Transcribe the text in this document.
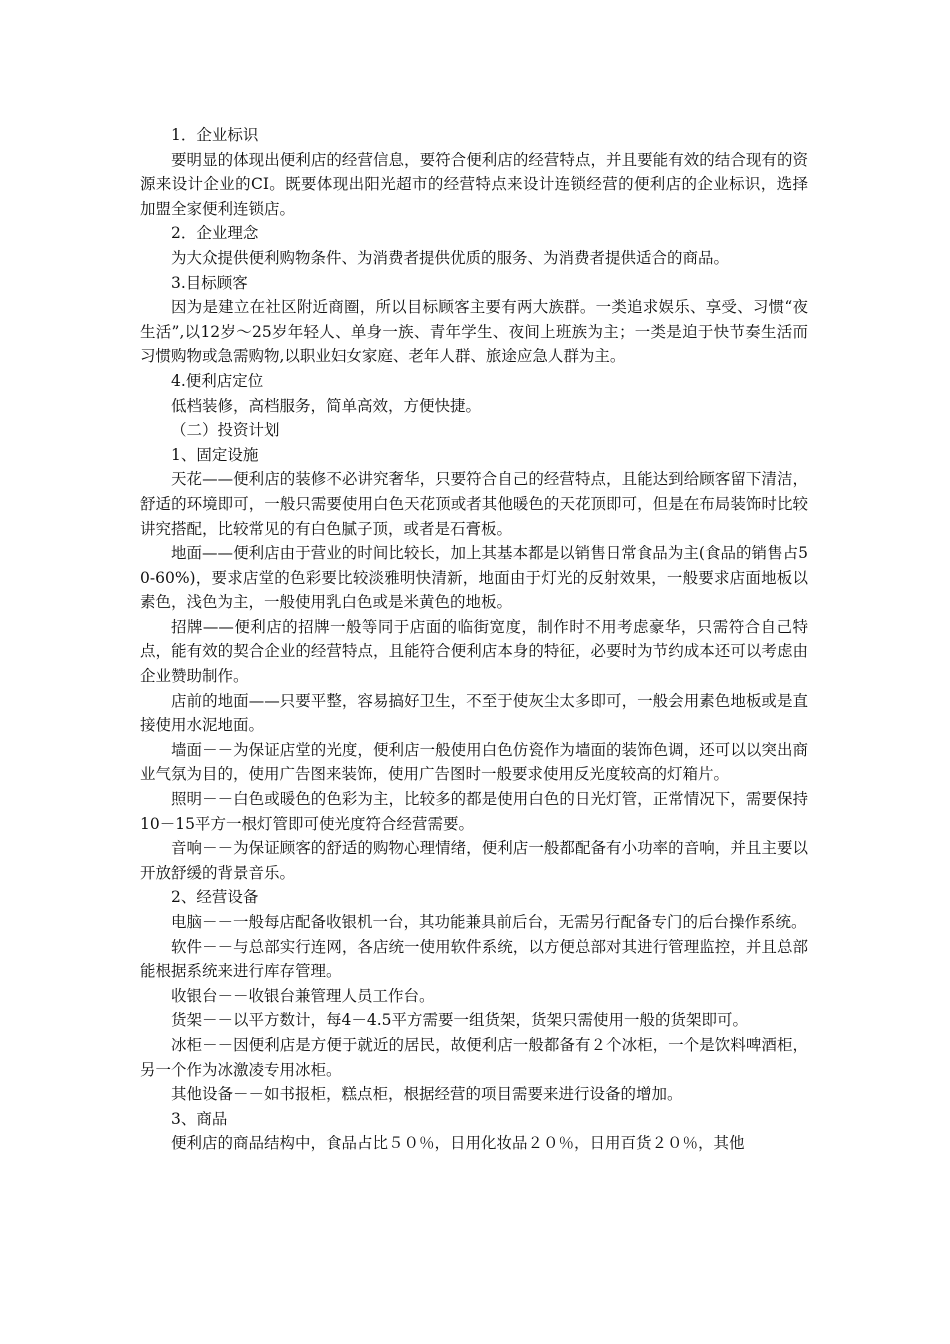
1．企业标识

要明显的体现出便利店的经营信息，要符合便利店的经营特点，并且要能有效的结合现有的资源来设计企业的CI。既要体现出阳光超市的经营特点来设计连锁经营的便利店的企业标识，选择加盟全家便利连锁店。

2．企业理念

为大众提供便利购物条件、为消费者提供优质的服务、为消费者提供适合的商品。

3.目标顾客

因为是建立在社区附近商圈，所以目标顾客主要有两大族群。一类追求娱乐、享受、习惯“夜生活”,以12岁～25岁年轻人、单身一族、青年学生、夜间上班族为主；一类是迫于快节奏生活而习惯购物或急需购物,以职业妇女家庭、老年人群、旅途应急人群为主。

4.便利店定位

低档装修，高档服务，简单高效，方便快捷。

（二）投资计划

1、固定设施

天花——便利店的装修不必讲究奢华，只要符合自己的经营特点，且能达到给顾客留下清洁，舒适的环境即可，一般只需要使用白色天花顶或者其他暖色的天花顶即可，但是在布局装饰时比较讲究搭配，比较常见的有白色腻子顶，或者是石膏板。

地面——便利店由于营业的时间比较长，加上其基本都是以销售日常食品为主(食品的销售占50-60%)，要求店堂的色彩要比较淡雅明快清新，地面由于灯光的反射效果，一般要求店面地板以素色，浅色为主，一般使用乳白色或是米黄色的地板。

招牌——便利店的招牌一般等同于店面的临街宽度，制作时不用考虑豪华，只需符合自己特点，能有效的契合企业的经营特点，且能符合便利店本身的特征，必要时为节约成本还可以考虑由企业赞助制作。

店前的地面——只要平整，容易搞好卫生，不至于使灰尘太多即可，一般会用素色地板或是直接使用水泥地面。

墙面－－为保证店堂的光度，便利店一般使用白色仿瓷作为墙面的装饰色调，还可以以突出商业气氛为目的，使用广告图来装饰，使用广告图时一般要求使用反光度较高的灯箱片。

照明－－白色或暖色的色彩为主，比较多的都是使用白色的日光灯管，正常情况下，需要保持10－15平方一根灯管即可使光度符合经营需要。

音响－－为保证顾客的舒适的购物心理情绪，便利店一般都配备有小功率的音响，并且主要以开放舒缓的背景音乐。

2、经营设备

电脑－－一般每店配备收银机一台，其功能兼具前后台，无需另行配备专门的后台操作系统。

软件－－与总部实行连网，各店统一使用软件系统，以方便总部对其进行管理监控，并且总部能根据系统来进行库存管理。

收银台－－收银台兼管理人员工作台。

货架－－以平方数计，每4－4.5平方需要一组货架，货架只需使用一般的货架即可。

冰柜－－因便利店是方便于就近的居民，故便利店一般都备有２个冰柜，一个是饮料啤酒柜，另一个作为冰激凌专用冰柜。

其他设备－－如书报柜，糕点柜，根据经营的项目需要来进行设备的增加。

3、商品

便利店的商品结构中，食品占比５０％，日用化妆品２０％，日用百货２０％，其他
